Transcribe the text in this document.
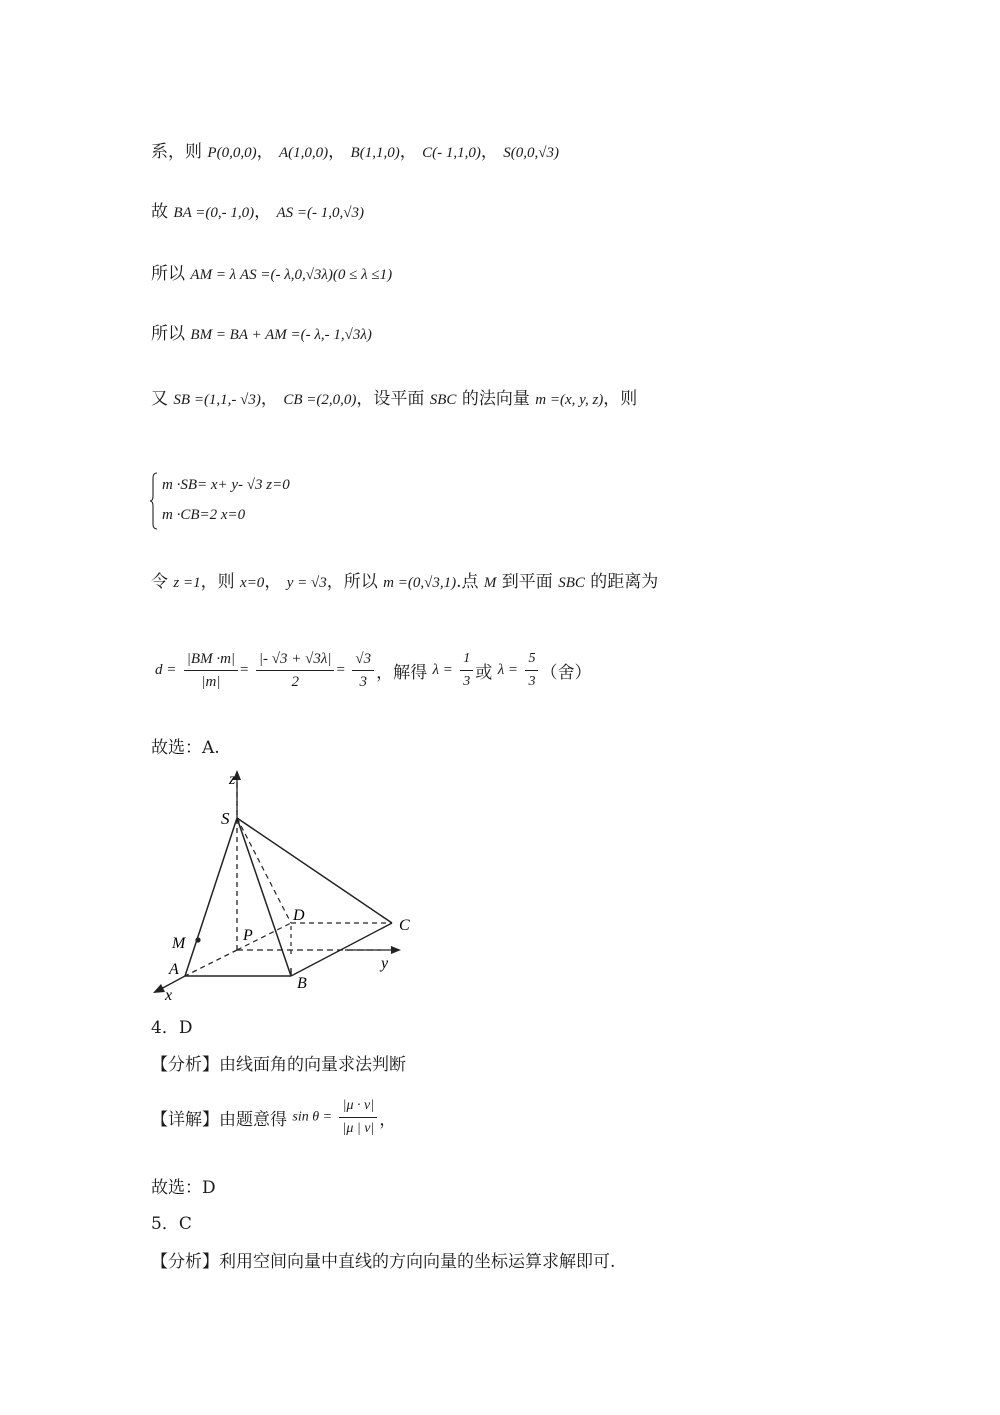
系，则 P(0,0,0)， A(1,0,0)， B(1,1,0)， C(- 1,1,0)， S(0,0,√3)
故 BA =(0,- 1,0)， AS =(- 1,0,√3)
所以 AM = λ AS =(- λ,0,√3λ)(0 ≤ λ ≤1)
所以 BM = BA + AM =(- λ,- 1,√3λ)
又 SB =(1,1,- √3)， CB =(2,0,0)，设平面 SBC 的法向量 m =(x, y, z)，则
m ·SB= x+ y- √3 z=0
m ·CB=2 x=0
令 z =1，则 x=0， y = √3，所以 m =(0,√3,1).点 M 到平面 SBC 的距离为
$d = \frac{|BM \cdot m|}{|m|} = \frac{|- √3 + √3\lambda|}{2} = \frac{√3}{3}$ ，解得 $\lambda = \frac{1}{3}$ 或 $\lambda = \frac{5}{3}$ （舍）
故选：A.
z
S
D
C
P
M
y
A
B
x
4．D
【分析】由线面角的向量求法判断
【详解】由题意得 $\sin \theta = \frac{|\mu \cdot \nu|}{|\mu | \nu|}$ ，
故选：D
5．C
【分析】利用空间向量中直线的方向向量的坐标运算求解即可.
